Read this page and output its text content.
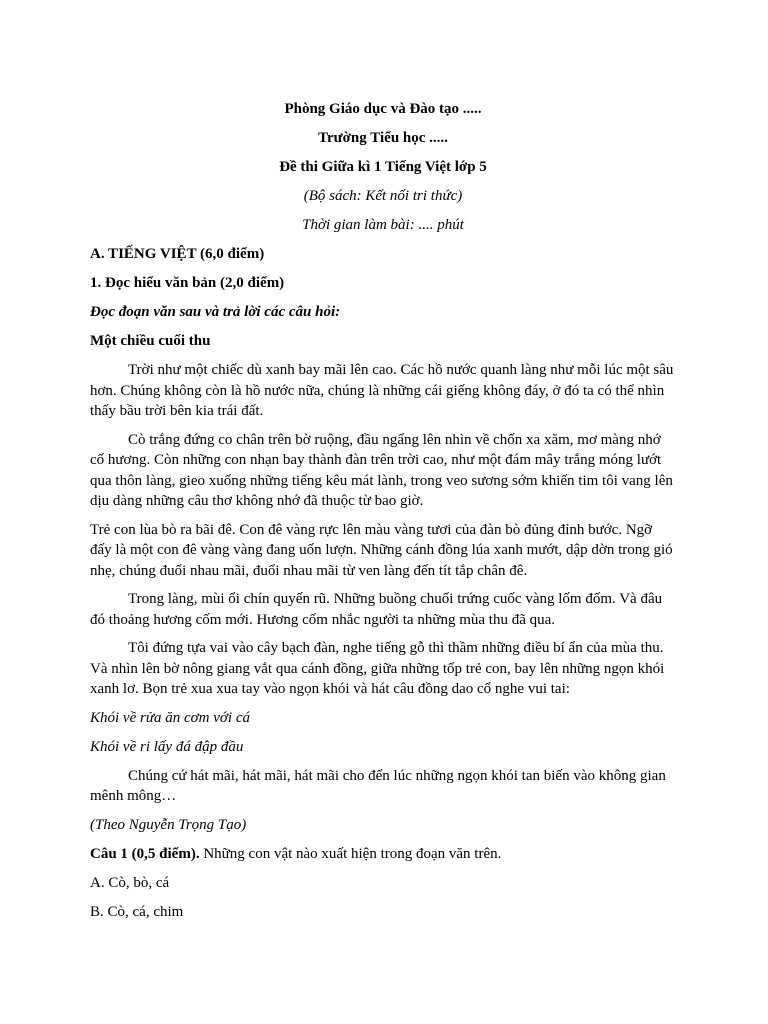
Phòng Giáo dục và Đào tạo .....
Trường Tiểu học .....
Đề thi Giữa kì 1 Tiếng Việt lớp 5
(Bộ sách: Kết nối tri thức)
Thời gian làm bài: .... phút
A. TIẾNG VIỆT (6,0 điểm)
1. Đọc hiểu văn bản (2,0 điểm)
Đọc đoạn văn sau và trả lời các câu hỏi:
Một chiều cuối thu

Trời như một chiếc dù xanh bay mãi lên cao. Các hồ nước quanh làng như mỗi lúc một sâu hơn. Chúng không còn là hồ nước nữa, chúng là những cái giếng không đáy, ở đó ta có thể nhìn thấy bầu trời bên kia trái đất.

Cò trắng đứng co chân trên bờ ruộng, đầu ngẩng lên nhìn về chốn xa xăm, mơ màng nhớ cố hương. Còn những con nhạn bay thành đàn trên trời cao, như một đám mây trắng móng lướt qua thôn làng, gieo xuống những tiếng kêu mát lành, trong veo sương sớm khiến tim tôi vang lên dịu dàng những câu thơ không nhớ đã thuộc từ bao giờ.

Trẻ con lùa bò ra bãi đê. Con đê vàng rực lên màu vàng tươi của đàn bò đủng đỉnh bước. Ngỡ đấy là một con đê vàng vàng đang uốn lượn. Những cánh đồng lúa xanh mướt, dập dờn trong gió nhẹ, chúng đuổi nhau mãi, đuổi nhau mãi từ ven làng đến tít tắp chân đê.

Trong làng, mùi ổi chín quyến rũ. Những buồng chuối trứng cuốc vàng lốm đốm. Và đâu đó thoảng hương cốm mới. Hương cốm nhắc người ta những mùa thu đã qua.

Tôi đứng tựa vai vào cây bạch đàn, nghe tiếng gỗ thì thầm những điều bí ẩn của mùa thu. Và nhìn lên bờ nông giang vắt qua cánh đồng, giữa những tốp trẻ con, bay lên những ngọn khói xanh lơ. Bọn trẻ xua xua tay vào ngọn khói và hát câu đồng dao cổ nghe vui tai:

Khói về rửa ăn cơm với cá
Khói về ri lấy đá đập đầu

Chúng cứ hát mãi, hát mãi, hát mãi cho đến lúc những ngọn khói tan biến vào không gian mênh mông…

(Theo Nguyễn Trọng Tạo)
Câu 1 (0,5 điểm). Những con vật nào xuất hiện trong đoạn văn trên.
A. Cò, bò, cá
B. Cò, cá, chim
